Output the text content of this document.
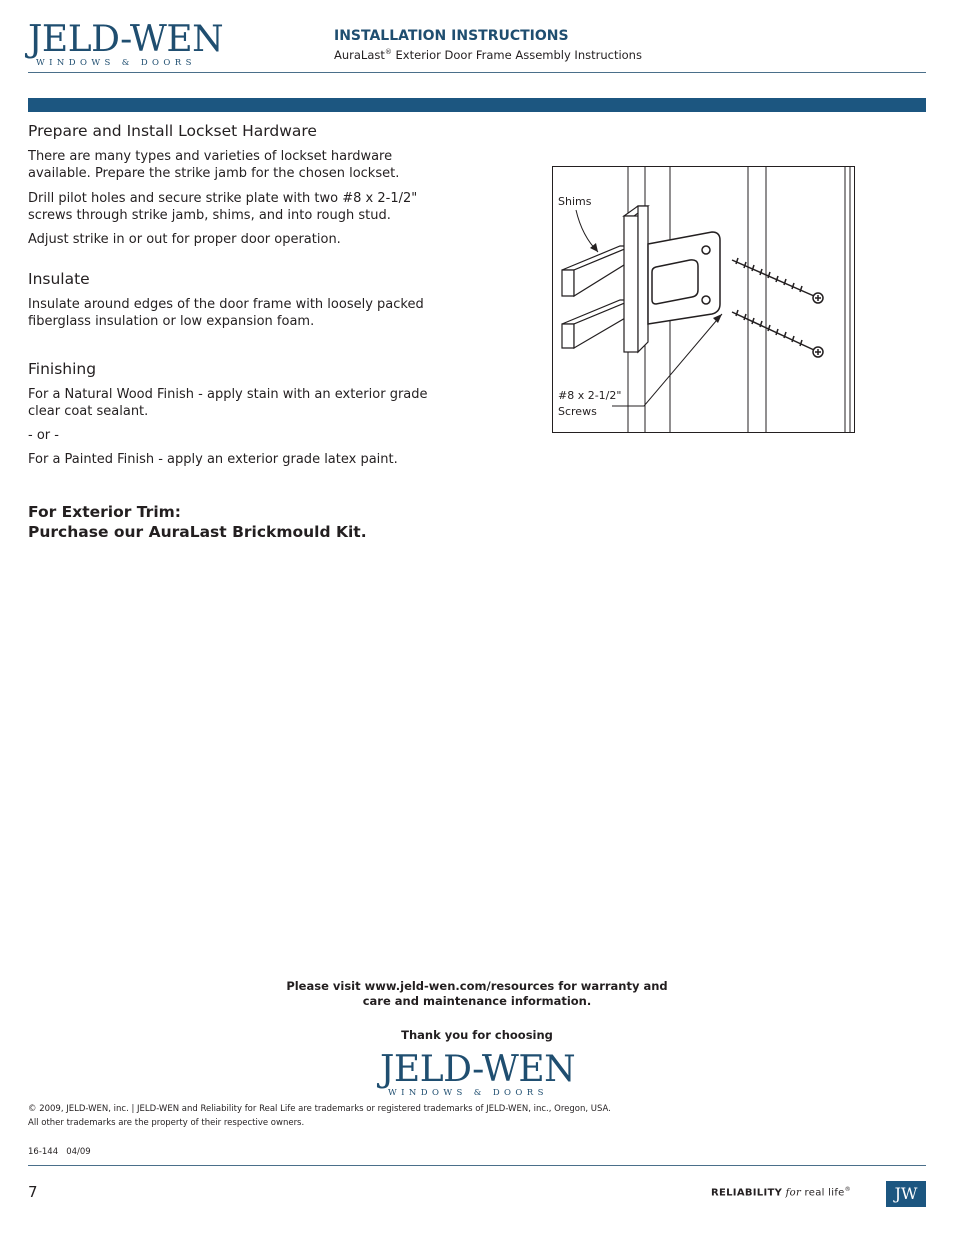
JELD-WEN
WINDOWS & DOORS
INSTALLATION INSTRUCTIONS
AuraLast® Exterior Door Frame Assembly Instructions
Prepare and Install Lockset Hardware

There are many types and varieties of lockset hardware available. Prepare the strike jamb for the chosen lockset.

Drill pilot holes and secure strike plate with two #8 x 2-1/2" screws through strike jamb, shims, and into rough stud.

Adjust strike in or out for proper door operation.

Insulate

Insulate around edges of the door frame with loosely packed fiberglass insulation or low expansion foam.

Finishing

For a Natural Wood Finish - apply stain with an exterior grade clear coat sealant.

- or -

For a Painted Finish - apply an exterior grade latex paint.

For Exterior Trim:
Purchase our AuraLast Brickmould Kit.
Shims
#8 x 2-1/2"
Screws
Please visit www.jeld-wen.com/resources for warranty and
care and maintenance information.
Thank you for choosing
JELD-WEN
WINDOWS & DOORS
© 2009, JELD-WEN, inc. | JELD-WEN and Reliability for Real Life are trademarks or registered trademarks of JELD-WEN, inc., Oregon, USA.
All other trademarks are the property of their respective owners.
16-144   04/09
7	RELIABILITY for real life®	JW
